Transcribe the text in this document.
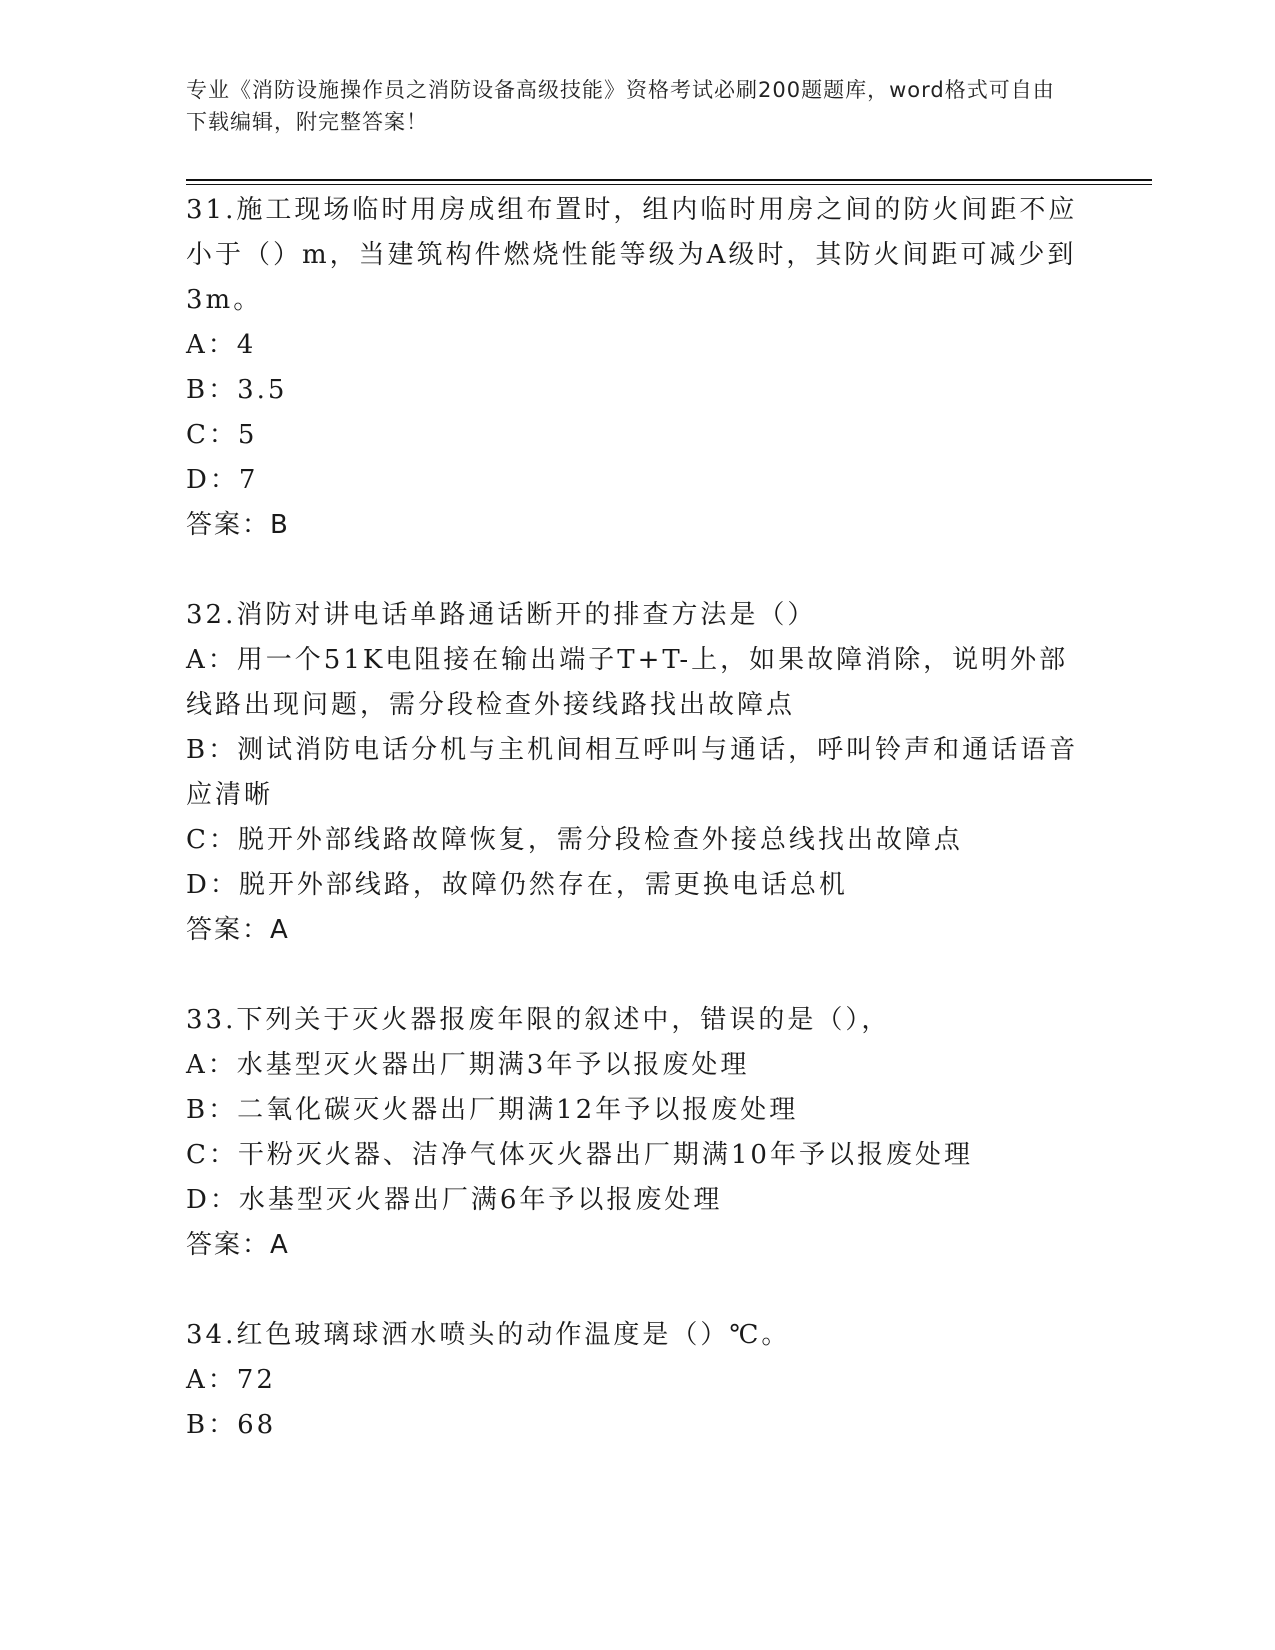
专业《消防设施操作员之消防设备高级技能》资格考试必刷200题题库，word格式可自由下载编辑，附完整答案！

31.施工现场临时用房成组布置时，组内临时用房之间的防火间距不应小于（）m，当建筑构件燃烧性能等级为A级时，其防火间距可减少到3m。

A：4

B：3.5

C：5

D：7

答案：B

32.消防对讲电话单路通话断开的排查方法是（）

A：用一个51K电阻接在输出端子T+T-上，如果故障消除，说明外部线路出现问题，需分段检查外接线路找出故障点

B：测试消防电话分机与主机间相互呼叫与通话，呼叫铃声和通话语音应清晰

C：脱开外部线路故障恢复，需分段检查外接总线找出故障点

D：脱开外部线路，故障仍然存在，需更换电话总机

答案：A

33.下列关于灭火器报废年限的叙述中，错误的是（），

A：水基型灭火器出厂期满3年予以报废处理

B：二氧化碳灭火器出厂期满12年予以报废处理

C：干粉灭火器、洁净气体灭火器出厂期满10年予以报废处理

D：水基型灭火器出厂满6年予以报废处理

答案：A

34.红色玻璃球洒水喷头的动作温度是（）℃。

A：72

B：68
